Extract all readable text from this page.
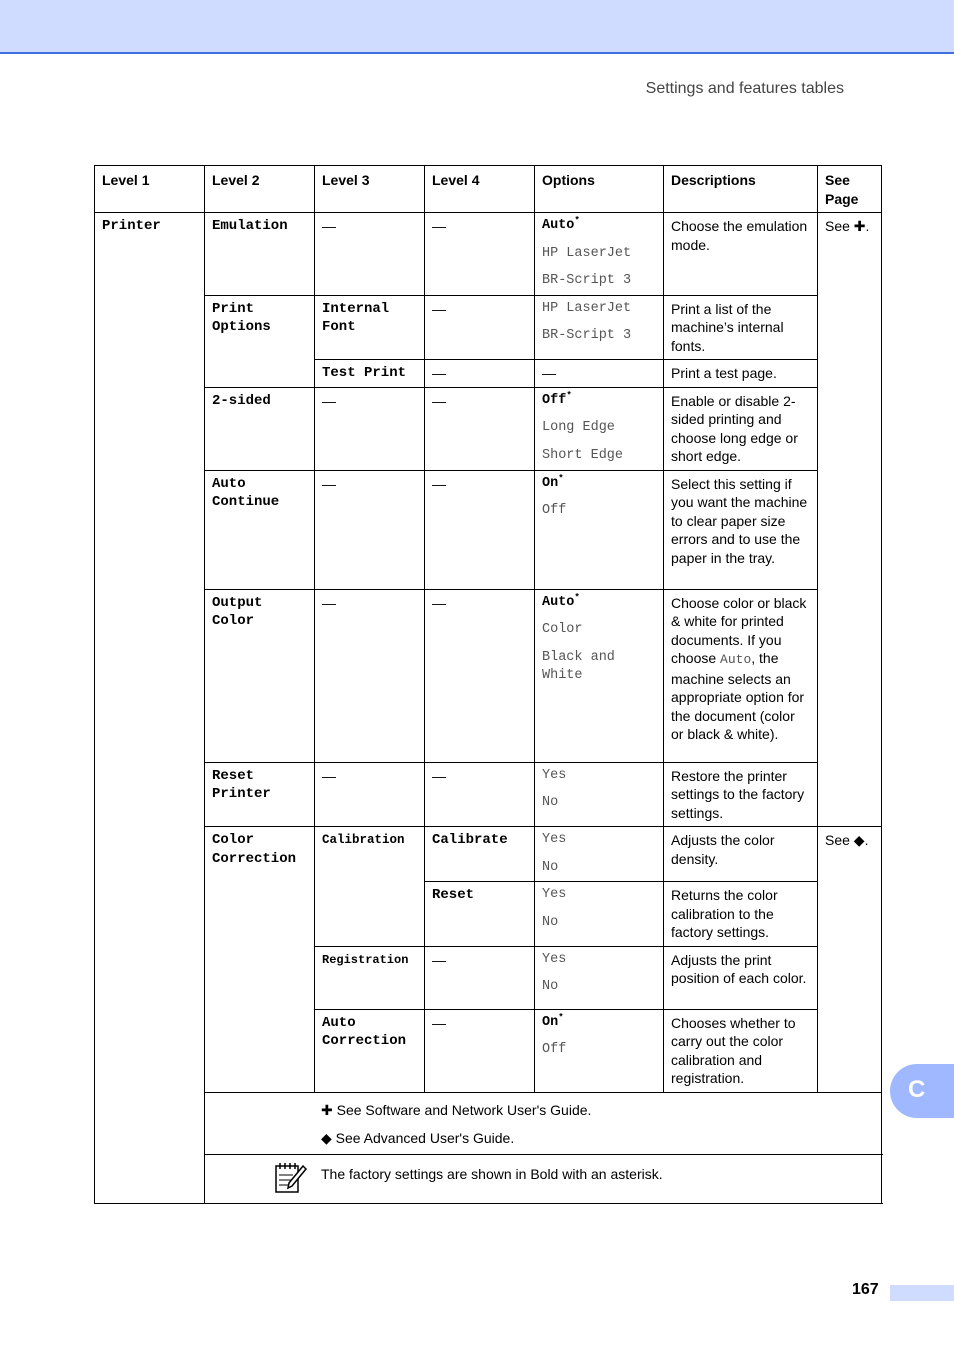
Settings and features tables
Level 1	Level 2	Level 3	Level 4	Options	Descriptions	See Page
Printer	Emulation	—	—	Auto*
HP LaserJet
BR-Script 3	Choose the emulation mode.	See ✚.
	Print Options	Internal Font	—	HP LaserJet
BR-Script 3	Print a list of the machine’s internal fonts.	
		Test Print	—	—	Print a test page.	
	2-sided	—	—	Off*
Long Edge
Short Edge	Enable or disable 2-sided printing and choose long edge or short edge.	
	Auto Continue	—	—	On*
Off	Select this setting if you want the machine to clear paper size errors and to use the paper in the tray.	
	Output Color	—	—	Auto*
Color
Black and White	Choose color or black & white for printed documents. If you choose Auto, the machine selects an appropriate option for the document (color or black & white).	
	Reset Printer	—	—	Yes
No	Restore the printer settings to the factory settings.	
	Color Correction	Calibration	Calibrate	Yes
No	Adjusts the color density.	See ◆.
			Reset	Yes
No	Returns the color calibration to the factory settings.	
		Registration	—	Yes
No	Adjusts the print position of each color.	
		Auto Correction	—	On*
Off	Chooses whether to carry out the color calibration and registration.	

	✚ See Software and Network User's Guide.
◆ See Advanced User's Guide.					

The factory settings are shown in Bold with an asterisk.					
C
167
